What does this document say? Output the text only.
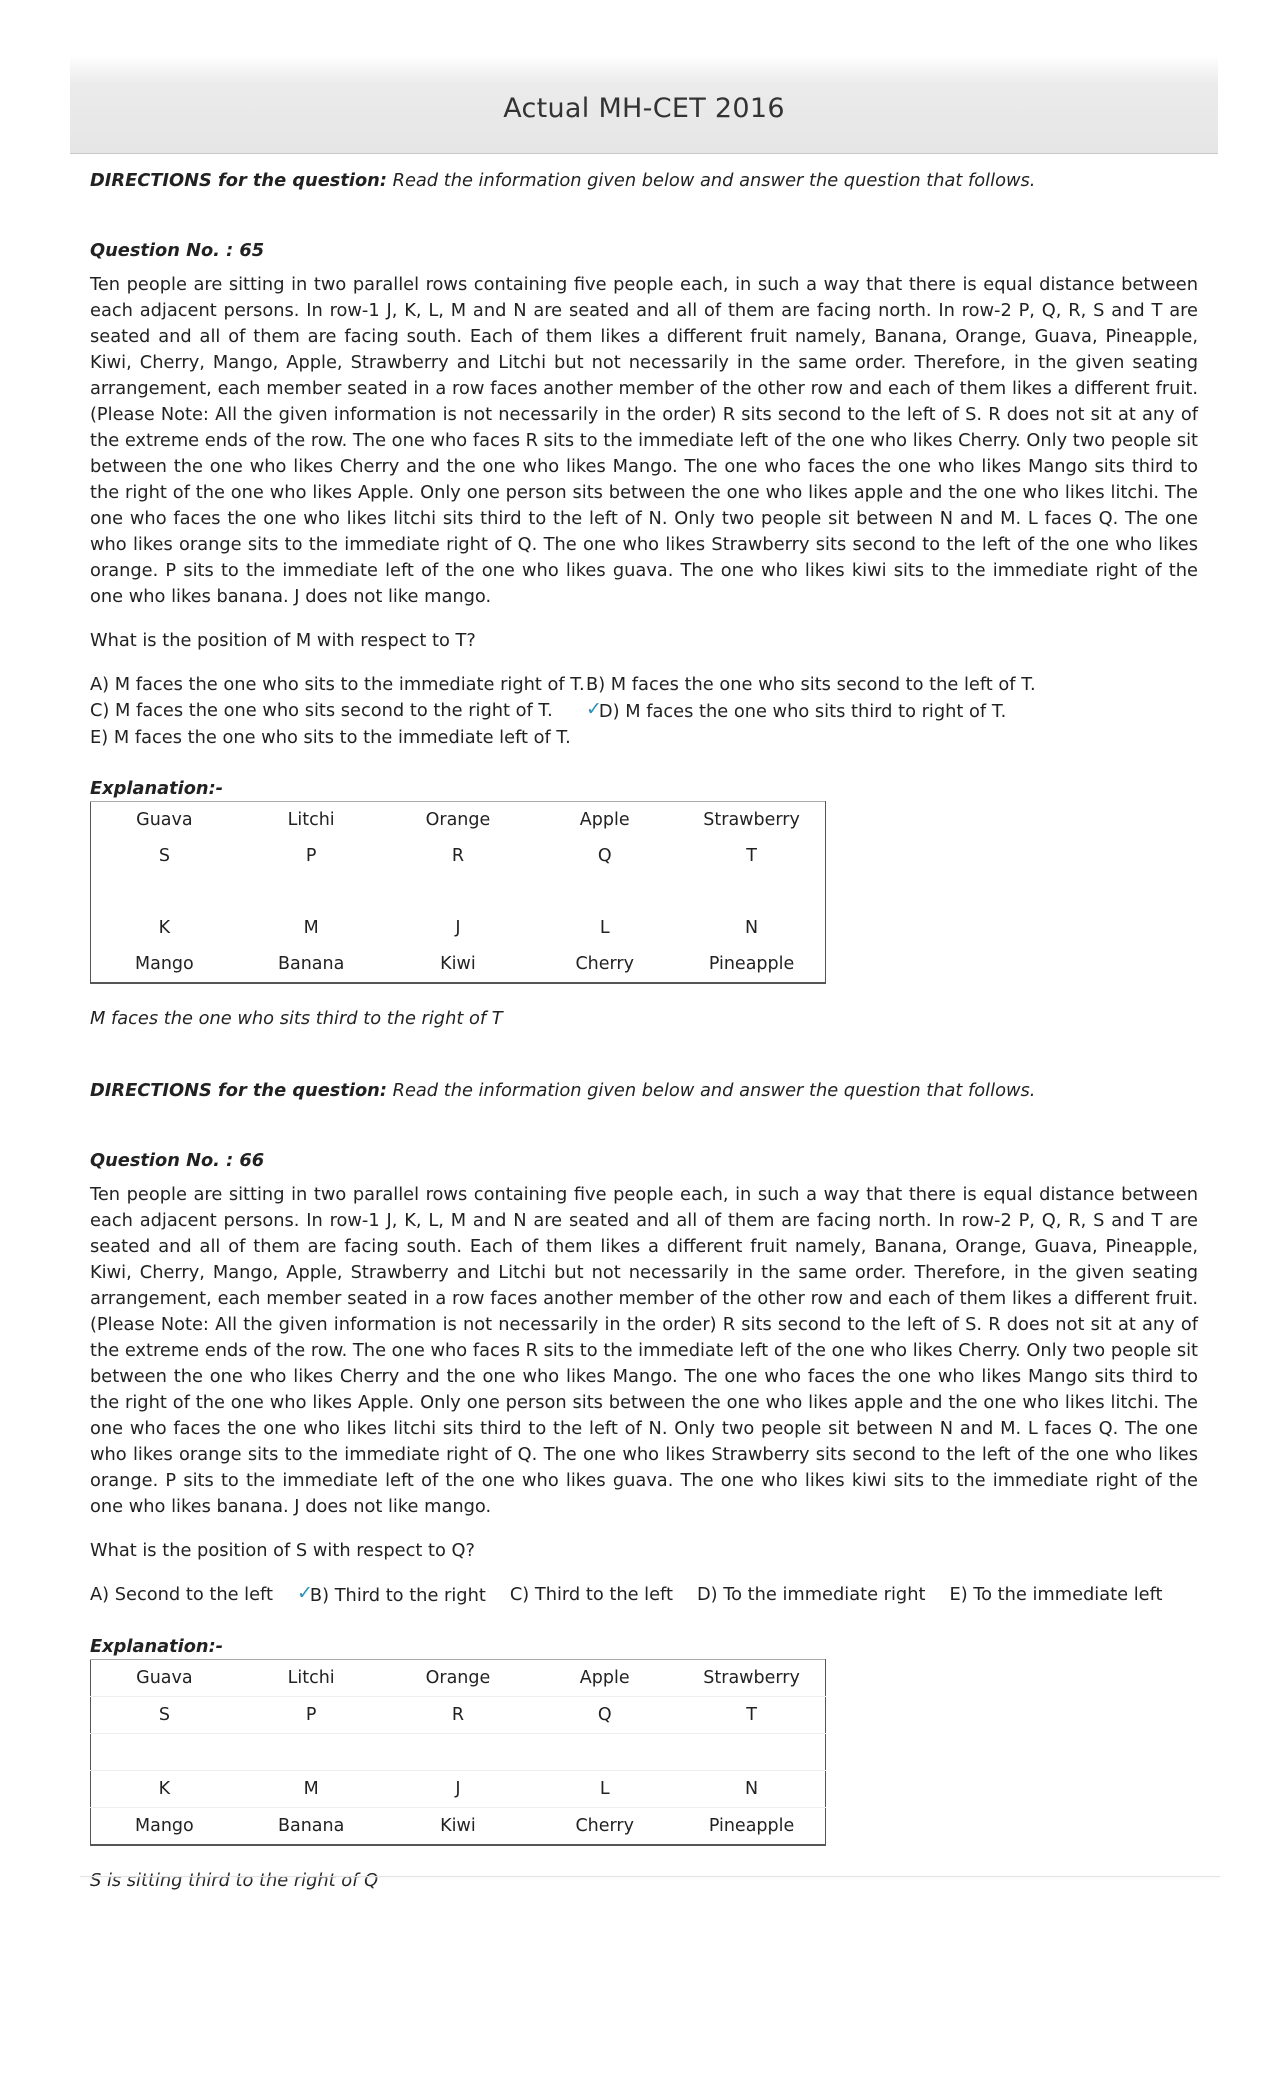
Actual MH-CET 2016
DIRECTIONS for the question: Read the information given below and answer the question that follows.
Question No. : 65
Ten people are sitting in two parallel rows containing five people each, in such a way that there is equal distance between each adjacent persons. In row-1 J, K, L, M and N are seated and all of them are facing north. In row-2 P, Q, R, S and T are seated and all of them are facing south. Each of them likes a different fruit namely, Banana, Orange, Guava, Pineapple, Kiwi, Cherry, Mango, Apple, Strawberry and Litchi but not necessarily in the same order. Therefore, in the given seating arrangement, each member seated in a row faces another member of the other row and each of them likes a different fruit. (Please Note: All the given information is not necessarily in the order) R sits second to the left of S. R does not sit at any of the extreme ends of the row. The one who faces R sits to the immediate left of the one who likes Cherry. Only two people sit between the one who likes Cherry and the one who likes Mango. The one who faces the one who likes Mango sits third to the right of the one who likes Apple. Only one person sits between the one who likes apple and the one who likes litchi. The one who faces the one who likes litchi sits third to the left of N. Only two people sit between N and M. L faces Q. The one who likes orange sits to the immediate right of Q. The one who likes Strawberry sits second to the left of the one who likes orange. P sits to the immediate left of the one who likes guava. The one who likes kiwi sits to the immediate right of the one who likes banana. J does not like mango.
What is the position of M with respect to T?
A) M faces the one who sits to the immediate right of T. B) M faces the one who sits second to the left of T.
C) M faces the one who sits second to the right of T.	✓D) M faces the one who sits third to right of T.
E) M faces the one who sits to the immediate left of T.
Explanation:-
Guava	Litchi	Orange	Apple	Strawberry
S	P	R	Q	T

K	M	J	L	N
Mango	Banana	Kiwi	Cherry	Pineapple
M faces the one who sits third to the right of T
DIRECTIONS for the question: Read the information given below and answer the question that follows.
Question No. : 66
Ten people are sitting in two parallel rows containing five people each, in such a way that there is equal distance between each adjacent persons. In row-1 J, K, L, M and N are seated and all of them are facing north. In row-2 P, Q, R, S and T are seated and all of them are facing south. Each of them likes a different fruit namely, Banana, Orange, Guava, Pineapple, Kiwi, Cherry, Mango, Apple, Strawberry and Litchi but not necessarily in the same order. Therefore, in the given seating arrangement, each member seated in a row faces another member of the other row and each of them likes a different fruit. (Please Note: All the given information is not necessarily in the order) R sits second to the left of S. R does not sit at any of the extreme ends of the row. The one who faces R sits to the immediate left of the one who likes Cherry. Only two people sit between the one who likes Cherry and the one who likes Mango. The one who faces the one who likes Mango sits third to the right of the one who likes Apple. Only one person sits between the one who likes apple and the one who likes litchi. The one who faces the one who likes litchi sits third to the left of N. Only two people sit between N and M. L faces Q. The one who likes orange sits to the immediate right of Q. The one who likes Strawberry sits second to the left of the one who likes orange. P sits to the immediate left of the one who likes guava. The one who likes kiwi sits to the immediate right of the one who likes banana. J does not like mango.
What is the position of S with respect to Q?
A) Second to the left ✓B) Third to the right C) Third to the left D) To the immediate right E) To the immediate left
Explanation:-
Guava	Litchi	Orange	Apple	Strawberry
S	P	R	Q	T

K	M	J	L	N
Mango	Banana	Kiwi	Cherry	Pineapple
S is sitting third to the right of Q
